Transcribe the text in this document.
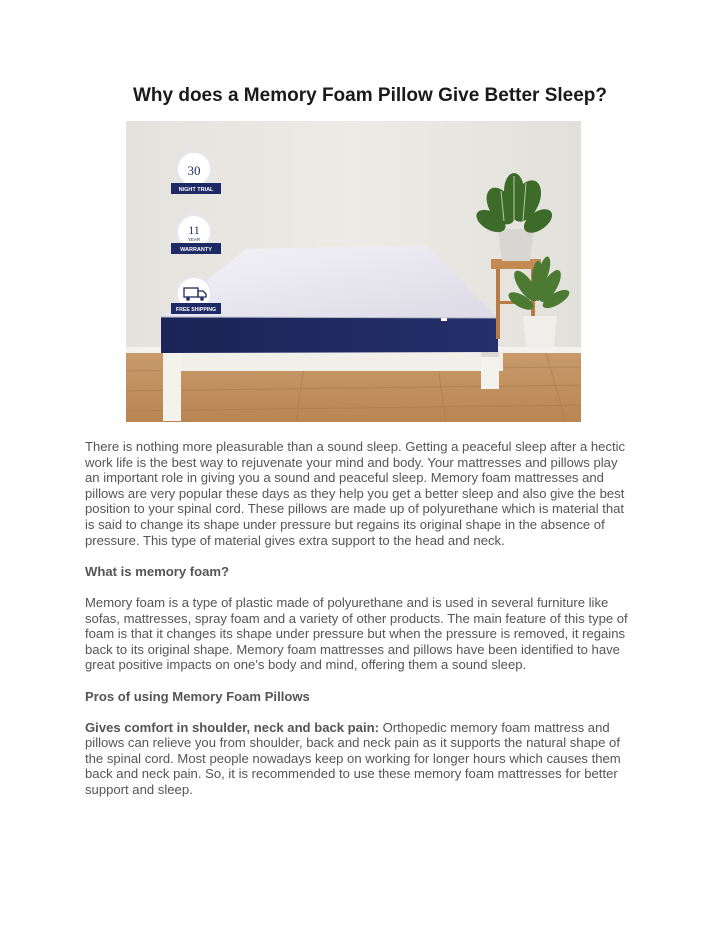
Why does a Memory Foam Pillow Give Better Sleep?
30
NIGHT TRIAL
11
YEAR
WARRANTY
FREE SHIPPING

There is nothing more pleasurable than a sound sleep. Getting a peaceful sleep after a hectic work life is the best way to rejuvenate your mind and body. Your mattresses and pillows play an important role in giving you a sound and peaceful sleep. Memory foam mattresses and pillows are very popular these days as they help you get a better sleep and also give the best position to your spinal cord. These pillows are made up of polyurethane which is material that is said to change its shape under pressure but regains its original shape in the absence of pressure. This type of material gives extra support to the head and neck.

What is memory foam?

Memory foam is a type of plastic made of polyurethane and is used in several furniture like sofas, mattresses, spray foam and a variety of other products. The main feature of this type of foam is that it changes its shape under pressure but when the pressure is removed, it regains back to its original shape. Memory foam mattresses and pillows have been identified to have great positive impacts on one's body and mind, offering them a sound sleep.

Pros of using Memory Foam Pillows

Gives comfort in shoulder, neck and back pain: Orthopedic memory foam mattress and pillows can relieve you from shoulder, back and neck pain as it supports the natural shape of the spinal cord. Most people nowadays keep on working for longer hours which causes them back and neck pain. So, it is recommended to use these memory foam mattresses for better support and sleep.
